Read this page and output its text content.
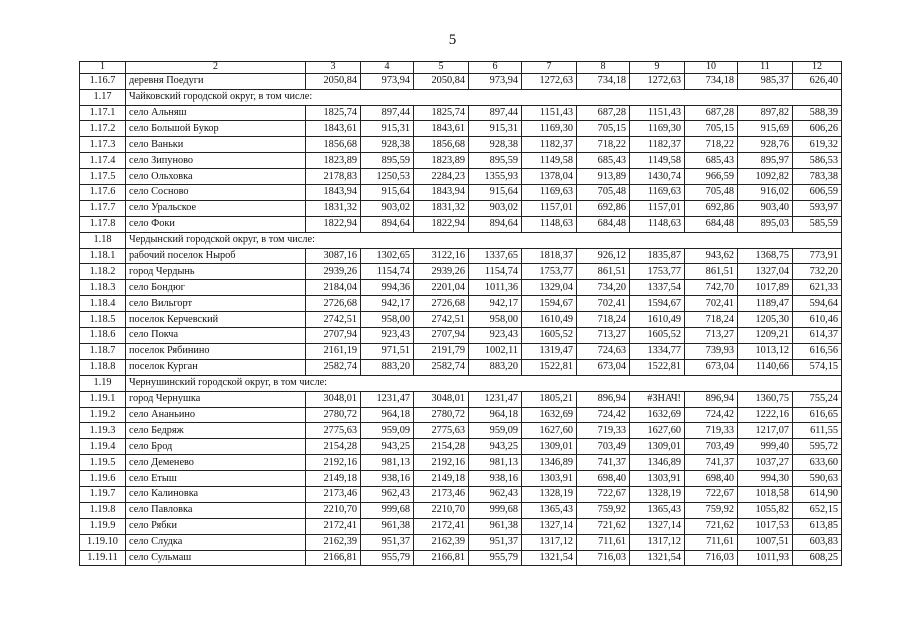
5
1	2	3	4	5	6	7	8	9	10	11	12
1.16.7	деревня Поедуги	2050,84	973,94	2050,84	973,94	1272,63	734,18	1272,63	734,18	985,37	626,40
1.17	Чайковский городской округ, в том числе:										
1.17.1	село Альняш	1825,74	897,44	1825,74	897,44	1151,43	687,28	1151,43	687,28	897,82	588,39
1.17.2	село Большой Букор	1843,61	915,31	1843,61	915,31	1169,30	705,15	1169,30	705,15	915,69	606,26
1.17.3	село Ваньки	1856,68	928,38	1856,68	928,38	1182,37	718,22	1182,37	718,22	928,76	619,32
1.17.4	село Зипуново	1823,89	895,59	1823,89	895,59	1149,58	685,43	1149,58	685,43	895,97	586,53
1.17.5	село Ольховка	2178,83	1250,53	2284,23	1355,93	1378,04	913,89	1430,74	966,59	1092,82	783,38
1.17.6	село Сосново	1843,94	915,64	1843,94	915,64	1169,63	705,48	1169,63	705,48	916,02	606,59
1.17.7	село Уральское	1831,32	903,02	1831,32	903,02	1157,01	692,86	1157,01	692,86	903,40	593,97
1.17.8	село Фоки	1822,94	894,64	1822,94	894,64	1148,63	684,48	1148,63	684,48	895,03	585,59
1.18	Чердынский городской округ, в том числе:										
1.18.1	рабочий поселок Ныроб	3087,16	1302,65	3122,16	1337,65	1818,37	926,12	1835,87	943,62	1368,75	773,91
1.18.2	город Чердынь	2939,26	1154,74	2939,26	1154,74	1753,77	861,51	1753,77	861,51	1327,04	732,20
1.18.3	село Бондюг	2184,04	994,36	2201,04	1011,36	1329,04	734,20	1337,54	742,70	1017,89	621,33
1.18.4	село Вильгорт	2726,68	942,17	2726,68	942,17	1594,67	702,41	1594,67	702,41	1189,47	594,64
1.18.5	поселок Керчевский	2742,51	958,00	2742,51	958,00	1610,49	718,24	1610,49	718,24	1205,30	610,46
1.18.6	село Покча	2707,94	923,43	2707,94	923,43	1605,52	713,27	1605,52	713,27	1209,21	614,37
1.18.7	поселок Рябинино	2161,19	971,51	2191,79	1002,11	1319,47	724,63	1334,77	739,93	1013,12	616,56
1.18.8	поселок Курган	2582,74	883,20	2582,74	883,20	1522,81	673,04	1522,81	673,04	1140,66	574,15
1.19	Чернушинский городской округ, в том числе:										
1.19.1	город Чернушка	3048,01	1231,47	3048,01	1231,47	1805,21	896,94	#ЗНАЧ!	896,94	1360,75	755,24
1.19.2	село Ананьино	2780,72	964,18	2780,72	964,18	1632,69	724,42	1632,69	724,42	1222,16	616,65
1.19.3	село Бедряж	2775,63	959,09	2775,63	959,09	1627,60	719,33	1627,60	719,33	1217,07	611,55
1.19.4	село Брод	2154,28	943,25	2154,28	943,25	1309,01	703,49	1309,01	703,49	999,40	595,72
1.19.5	село Деменево	2192,16	981,13	2192,16	981,13	1346,89	741,37	1346,89	741,37	1037,27	633,60
1.19.6	село Етыш	2149,18	938,16	2149,18	938,16	1303,91	698,40	1303,91	698,40	994,30	590,63
1.19.7	село Калиновка	2173,46	962,43	2173,46	962,43	1328,19	722,67	1328,19	722,67	1018,58	614,90
1.19.8	село Павловка	2210,70	999,68	2210,70	999,68	1365,43	759,92	1365,43	759,92	1055,82	652,15
1.19.9	село Рябки	2172,41	961,38	2172,41	961,38	1327,14	721,62	1327,14	721,62	1017,53	613,85
1.19.10	село Слудка	2162,39	951,37	2162,39	951,37	1317,12	711,61	1317,12	711,61	1007,51	603,83
1.19.11	село Сульмаш	2166,81	955,79	2166,81	955,79	1321,54	716,03	1321,54	716,03	1011,93	608,25
